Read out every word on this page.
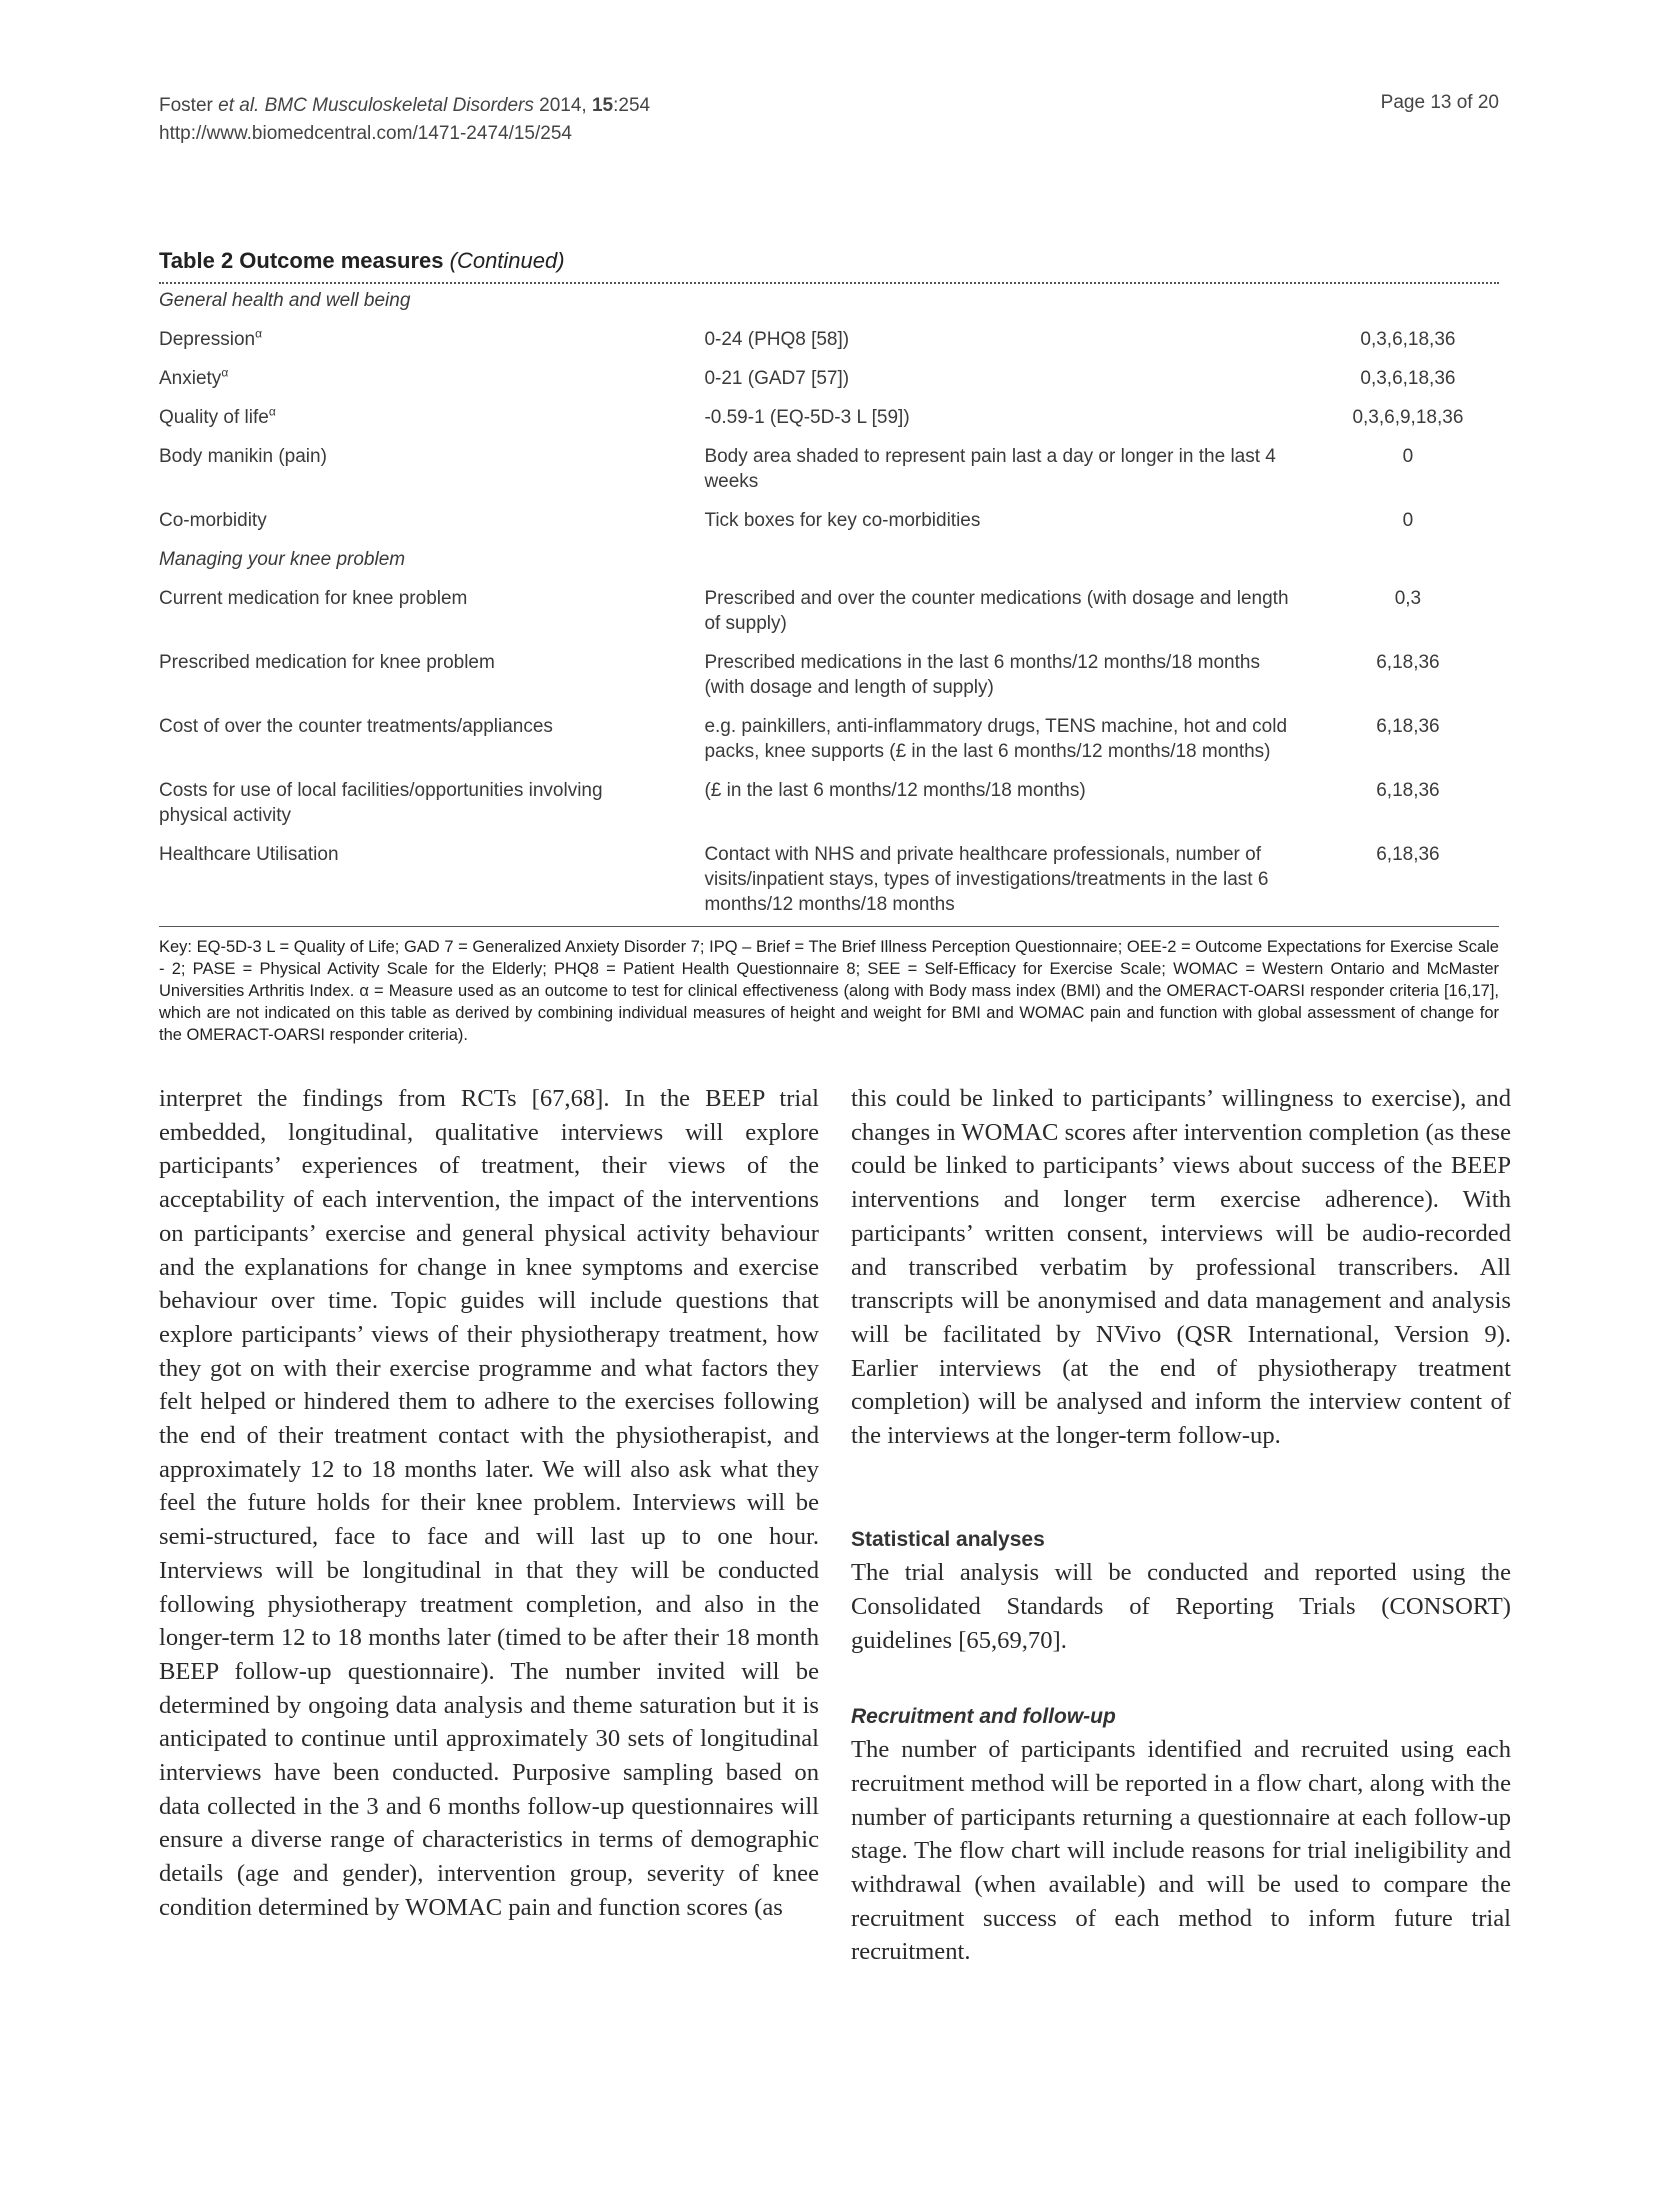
Foster et al. BMC Musculoskeletal Disorders 2014, 15:254
http://www.biomedcentral.com/1471-2474/15/254
Page 13 of 20
Table 2 Outcome measures (Continued)
General health and well being		

Depression$^\alpha$	0-24 (PHQ8 [58])	0,3,6,18,36

Anxiety$^\alpha$	0-21 (GAD7 [57])	0,3,6,18,36

Quality of life$^\alpha$	-0.59-1 (EQ-5D-3 L [59])	0,3,6,9,18,36

Body manikin (pain)	Body area shaded to represent pain last a day or longer in the last 4 weeks	0

Co-morbidity	Tick boxes for key co-morbidities	0

Managing your knee problem		

Current medication for knee problem	Prescribed and over the counter medications (with dosage and length of supply)	0,3

Prescribed medication for knee problem	Prescribed medications in the last 6 months/12 months/18 months (with dosage and length of supply)	6,18,36

Cost of over the counter treatments/appliances	e.g. painkillers, anti-inflammatory drugs, TENS machine, hot and cold packs, knee supports (£ in the last 6 months/12 months/18 months)	6,18,36

Costs for use of local facilities/opportunities involving physical activity	(£ in the last 6 months/12 months/18 months)	6,18,36

Healthcare Utilisation	Contact with NHS and private healthcare professionals, number of visits/inpatient stays, types of investigations/treatments in the last 6 months/12 months/18 months	6,18,36
Key: EQ-5D-3 L = Quality of Life; GAD 7 = Generalized Anxiety Disorder 7; IPQ – Brief = The Brief Illness Perception Questionnaire; OEE-2 = Outcome Expectations for Exercise Scale - 2; PASE = Physical Activity Scale for the Elderly; PHQ8 = Patient Health Questionnaire 8; SEE = Self-Efficacy for Exercise Scale; WOMAC = Western Ontario and McMaster Universities Arthritis Index. α = Measure used as an outcome to test for clinical effectiveness (along with Body mass index (BMI) and the OMERACT-OARSI responder criteria [16,17], which are not indicated on this table as derived by combining individual measures of height and weight for BMI and WOMAC pain and function with global assessment of change for the OMERACT-OARSI responder criteria).

interpret the findings from RCTs [67,68]. In the BEEP trial embedded, longitudinal, qualitative interviews will explore participants’ experiences of treatment, their views of the acceptability of each intervention, the impact of the interventions on participants’ exercise and general physical activity behaviour and the explanations for change in knee symptoms and exercise behaviour over time. Topic guides will include questions that explore participants’ views of their physiotherapy treatment, how they got on with their exercise programme and what factors they felt helped or hindered them to adhere to the exercises following the end of their treatment contact with the physiotherapist, and approximately 12 to 18 months later. We will also ask what they feel the future holds for their knee problem. Interviews will be semi-structured, face to face and will last up to one hour. Interviews will be longitudinal in that they will be conducted following physiotherapy treatment completion, and also in the longer-term 12 to 18 months later (timed to be after their 18 month BEEP follow-up questionnaire). The number invited will be determined by ongoing data analysis and theme saturation but it is anticipated to continue until approximately 30 sets of longitudinal interviews have been conducted. Purposive sampling based on data collected in the 3 and 6 months follow-up questionnaires will ensure a diverse range of characteristics in terms of demographic details (age and gender), intervention group, severity of knee condition determined by WOMAC pain and function scores (as

this could be linked to participants’ willingness to exercise), and changes in WOMAC scores after intervention completion (as these could be linked to participants’ views about success of the BEEP interventions and longer term exercise adherence). With participants’ written consent, interviews will be audio-recorded and transcribed verbatim by professional transcribers. All transcripts will be anonymised and data management and analysis will be facilitated by NVivo (QSR International, Version 9). Earlier interviews (at the end of physiotherapy treatment completion) will be analysed and inform the interview content of the interviews at the longer-term follow-up.

Statistical analyses

The trial analysis will be conducted and reported using the Consolidated Standards of Reporting Trials (CONSORT) guidelines [65,69,70].

Recruitment and follow-up

The number of participants identified and recruited using each recruitment method will be reported in a flow chart, along with the number of participants returning a questionnaire at each follow-up stage. The flow chart will include reasons for trial ineligibility and withdrawal (when available) and will be used to compare the recruitment success of each method to inform future trial recruitment.
